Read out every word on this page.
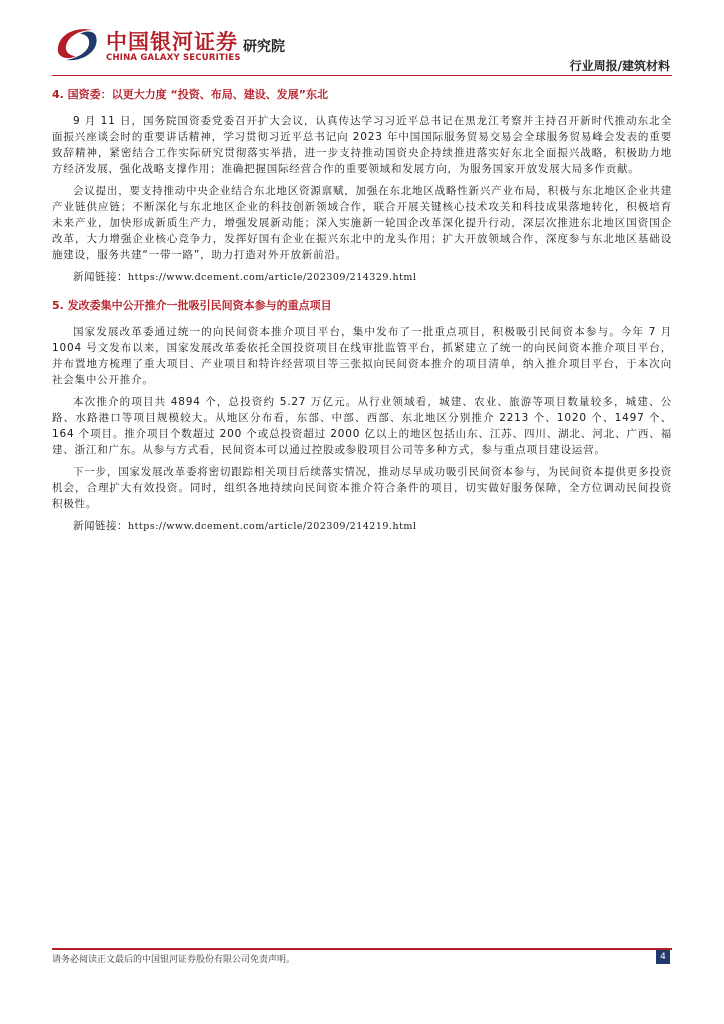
中国银河证券
CHINA GALAXY SECURITIES
研究院
行业周报/建筑材料
4. 国资委：以更大力度 “投资、布局、建设、发展”东北

9 月 11 日，国务院国资委党委召开扩大会议，认真传达学习习近平总书记在黑龙江考察并主持召开新时代推动东北全面振兴座谈会时的重要讲话精神，学习贯彻习近平总书记向 2023 年中国国际服务贸易交易会全球服务贸易峰会发表的重要致辞精神，紧密结合工作实际研究贯彻落实举措，进一步支持推动国资央企持续推进落实好东北全面振兴战略，积极助力地方经济发展，强化战略支撑作用；准确把握国际经营合作的重要领域和发展方向，为服务国家开放发展大局多作贡献。

会议提出，要支持推动中央企业结合东北地区资源禀赋，加强在东北地区战略性新兴产业布局，积极与东北地区企业共建产业链供应链；不断深化与东北地区企业的科技创新领域合作，联合开展关键核心技术攻关和科技成果落地转化，积极培育未来产业，加快形成新质生产力，增强发展新动能；深入实施新一轮国企改革深化提升行动，深层次推进东北地区国资国企改革，大力增强企业核心竞争力，发挥好国有企业在振兴东北中的龙头作用；扩大开放领域合作，深度参与东北地区基础设施建设，服务共建“一带一路”，助力打造对外开放新前沿。

新闻链接：https://www.dcement.com/article/202309/214329.html
5. 发改委集中公开推介一批吸引民间资本参与的重点项目

国家发展改革委通过统一的向民间资本推介项目平台，集中发布了一批重点项目，积极吸引民间资本参与。今年 7 月 1004 号文发布以来，国家发展改革委依托全国投资项目在线审批监管平台，抓紧建立了统一的向民间资本推介项目平台，并布置地方梳理了重大项目、产业项目和特许经营项目等三张拟向民间资本推介的项目清单，纳入推介项目平台，于本次向社会集中公开推介。

本次推介的项目共 4894 个，总投资约 5.27 万亿元。从行业领域看，城建、农业、旅游等项目数量较多，城建、公路、水路港口等项目规模较大。从地区分布看，东部、中部、西部、东北地区分别推介 2213 个、1020 个、1497 个、164 个项目。推介项目个数超过 200 个或总投资超过 2000 亿以上的地区包括山东、江苏、四川、湖北、河北、广西、福建、浙江和广东。从参与方式看，民间资本可以通过控股或参股项目公司等多种方式，参与重点项目建设运营。

下一步，国家发展改革委将密切跟踪相关项目后续落实情况，推动尽早成功吸引民间资本参与，为民间资本提供更多投资机会，合理扩大有效投资。同时，组织各地持续向民间资本推介符合条件的项目，切实做好服务保障，全方位调动民间投资积极性。

新闻链接：https://www.dcement.com/article/202309/214219.html
请务必阅读正文最后的中国银河证券股份有限公司免责声明。	4
